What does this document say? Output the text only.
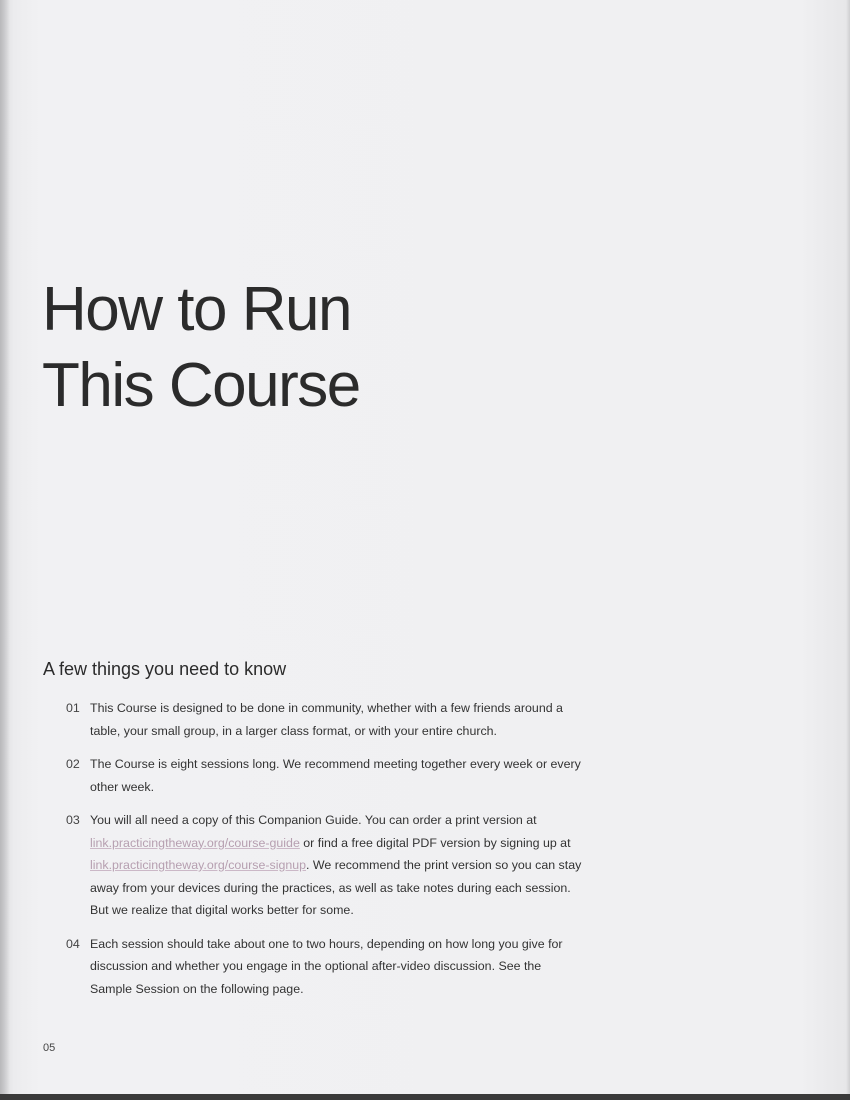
How to Run
This Course
A few things you need to know
01 This Course is designed to be done in community, whether with a few friends around a table, your small group, in a larger class format, or with your entire church.
02 The Course is eight sessions long. We recommend meeting together every week or every other week.
03 You will all need a copy of this Companion Guide. You can order a print version at link.practicingtheway.org/course-guide or find a free digital PDF version by signing up at link.practicingtheway.org/course-signup. We recommend the print version so you can stay away from your devices during the practices, as well as take notes during each session. But we realize that digital works better for some.
04 Each session should take about one to two hours, depending on how long you give for discussion and whether you engage in the optional after-video discussion. See the Sample Session on the following page.
05
